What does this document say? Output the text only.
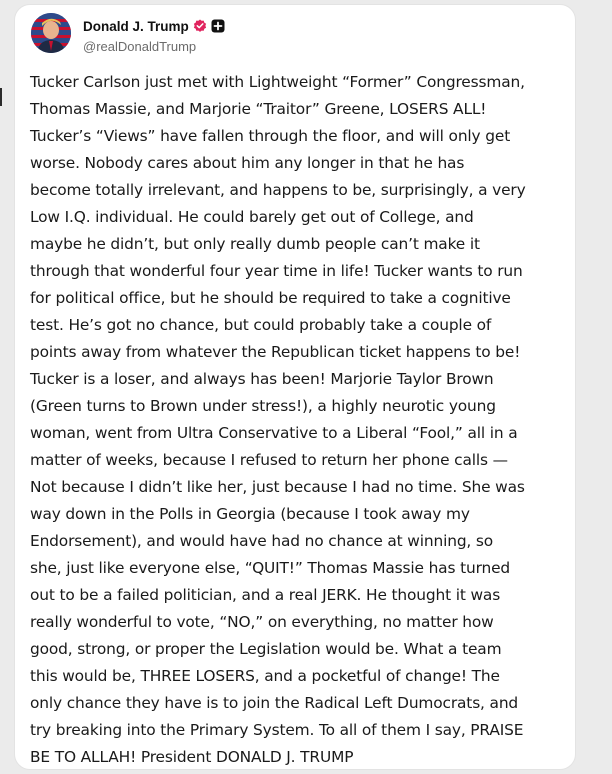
Donald J. Trump
@realDonaldTrump
Tucker Carlson just met with Lightweight “Former” Congressman,
Thomas Massie, and Marjorie “Traitor” Greene, LOSERS ALL!
Tucker’s “Views” have fallen through the floor, and will only get
worse. Nobody cares about him any longer in that he has
become totally irrelevant, and happens to be, surprisingly, a very
Low I.Q. individual. He could barely get out of College, and
maybe he didn’t, but only really dumb people can’t make it
through that wonderful four year time in life! Tucker wants to run
for political office, but he should be required to take a cognitive
test. He’s got no chance, but could probably take a couple of
points away from whatever the Republican ticket happens to be!
Tucker is a loser, and always has been! Marjorie Taylor Brown
(Green turns to Brown under stress!), a highly neurotic young
woman, went from Ultra Conservative to a Liberal “Fool,” all in a
matter of weeks, because I refused to return her phone calls —
Not because I didn’t like her, just because I had no time. She was
way down in the Polls in Georgia (because I took away my
Endorsement), and would have had no chance at winning, so
she, just like everyone else, “QUIT!” Thomas Massie has turned
out to be a failed politician, and a real JERK. He thought it was
really wonderful to vote, “NO,” on everything, no matter how
good, strong, or proper the Legislation would be. What a team
this would be, THREE LOSERS, and a pocketful of change! The
only chance they have is to join the Radical Left Dumocrats, and
try breaking into the Primary System. To all of them I say, PRAISE
BE TO ALLAH! President DONALD J. TRUMP
